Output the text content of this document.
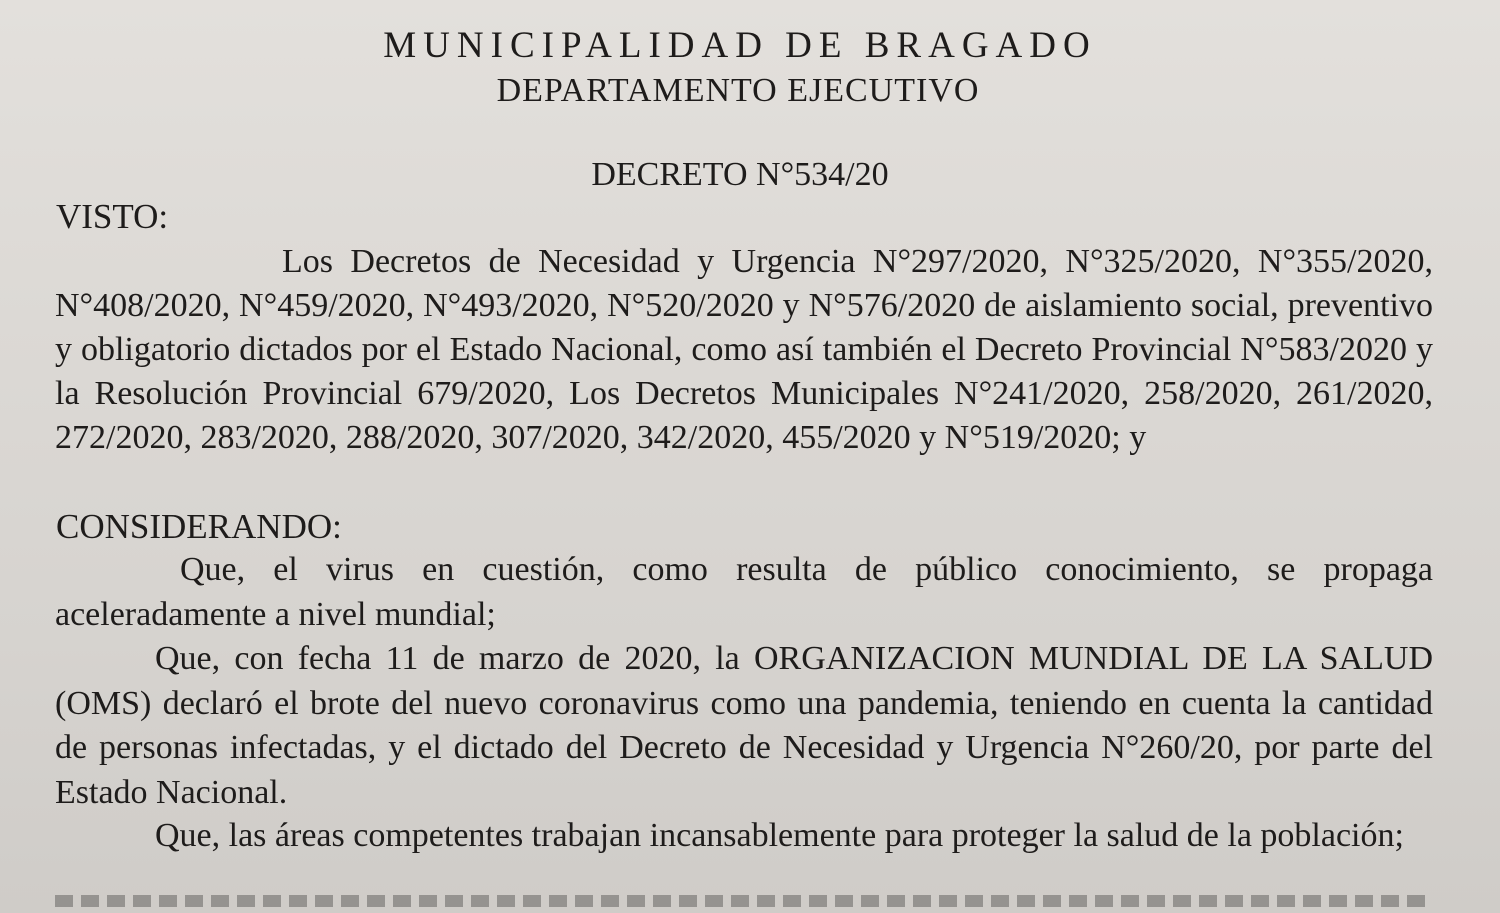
MUNICIPALIDAD DE BRAGADO
DEPARTAMENTO EJECUTIVO
DECRETO N°534/20
VISTO:
Los Decretos de Necesidad y Urgencia N°297/2020, N°325/2020, N°355/2020, N°408/2020, N°459/2020, N°493/2020, N°520/2020 y N°576/2020 de aislamiento social, preventivo y obligatorio dictados por el Estado Nacional, como así también el Decreto Provincial N°583/2020 y la Resolución Provincial 679/2020, Los Decretos Municipales N°241/2020, 258/2020, 261/2020, 272/2020, 283/2020, 288/2020, 307/2020, 342/2020, 455/2020 y N°519/2020; y
CONSIDERANDO:
Que, el virus en cuestión, como resulta de público conocimiento, se propaga aceleradamente a nivel mundial;
Que, con fecha 11 de marzo de 2020, la ORGANIZACION MUNDIAL DE LA SALUD (OMS) declaró el brote del nuevo coronavirus como una pandemia, teniendo en cuenta la cantidad de personas infectadas, y el dictado del Decreto de Necesidad y Urgencia N°260/20, por parte del Estado Nacional.
Que, las áreas competentes trabajan incansablemente para proteger la salud de la población;
